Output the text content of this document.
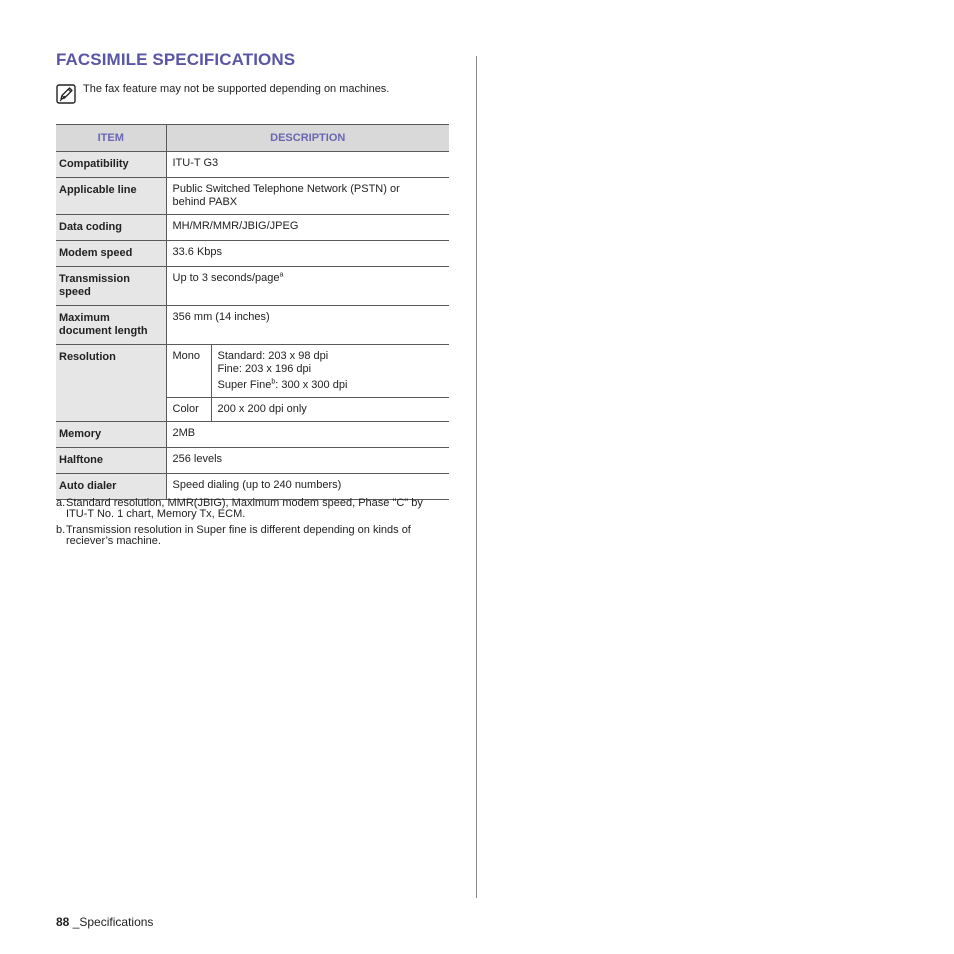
FACSIMILE SPECIFICATIONS
The fax feature may not be supported depending on machines.
ITEM	DESCRIPTION	
Compatibility	ITU-T G3	
Applicable line	Public Switched Telephone Network (PSTN) or behind PABX	
Data coding	MH/MR/MMR/JBIG/JPEG	
Modem speed	33.6 Kbps	
Transmission speed	Up to 3 seconds/page$^a$
Maximum document length	356 mm (14 inches)	
Resolution	Mono	Standard: 203 x 98 dpi
Fine: 203 x 196 dpi
Super Fine$^b$: 300 x 300 dpi

	Color	200 x 200 dpi only
Memory	2MB	
Halftone	256 levels	
Auto dialer	Speed dialing (up to 240 numbers)	
a. Standard resolution, MMR(JBIG), Maximum modem speed, Phase "C" by ITU-T No. 1 chart, Memory Tx, ECM.
b. Transmission resolution in Super fine is different depending on kinds of reciever’s machine.
88 _Specifications
